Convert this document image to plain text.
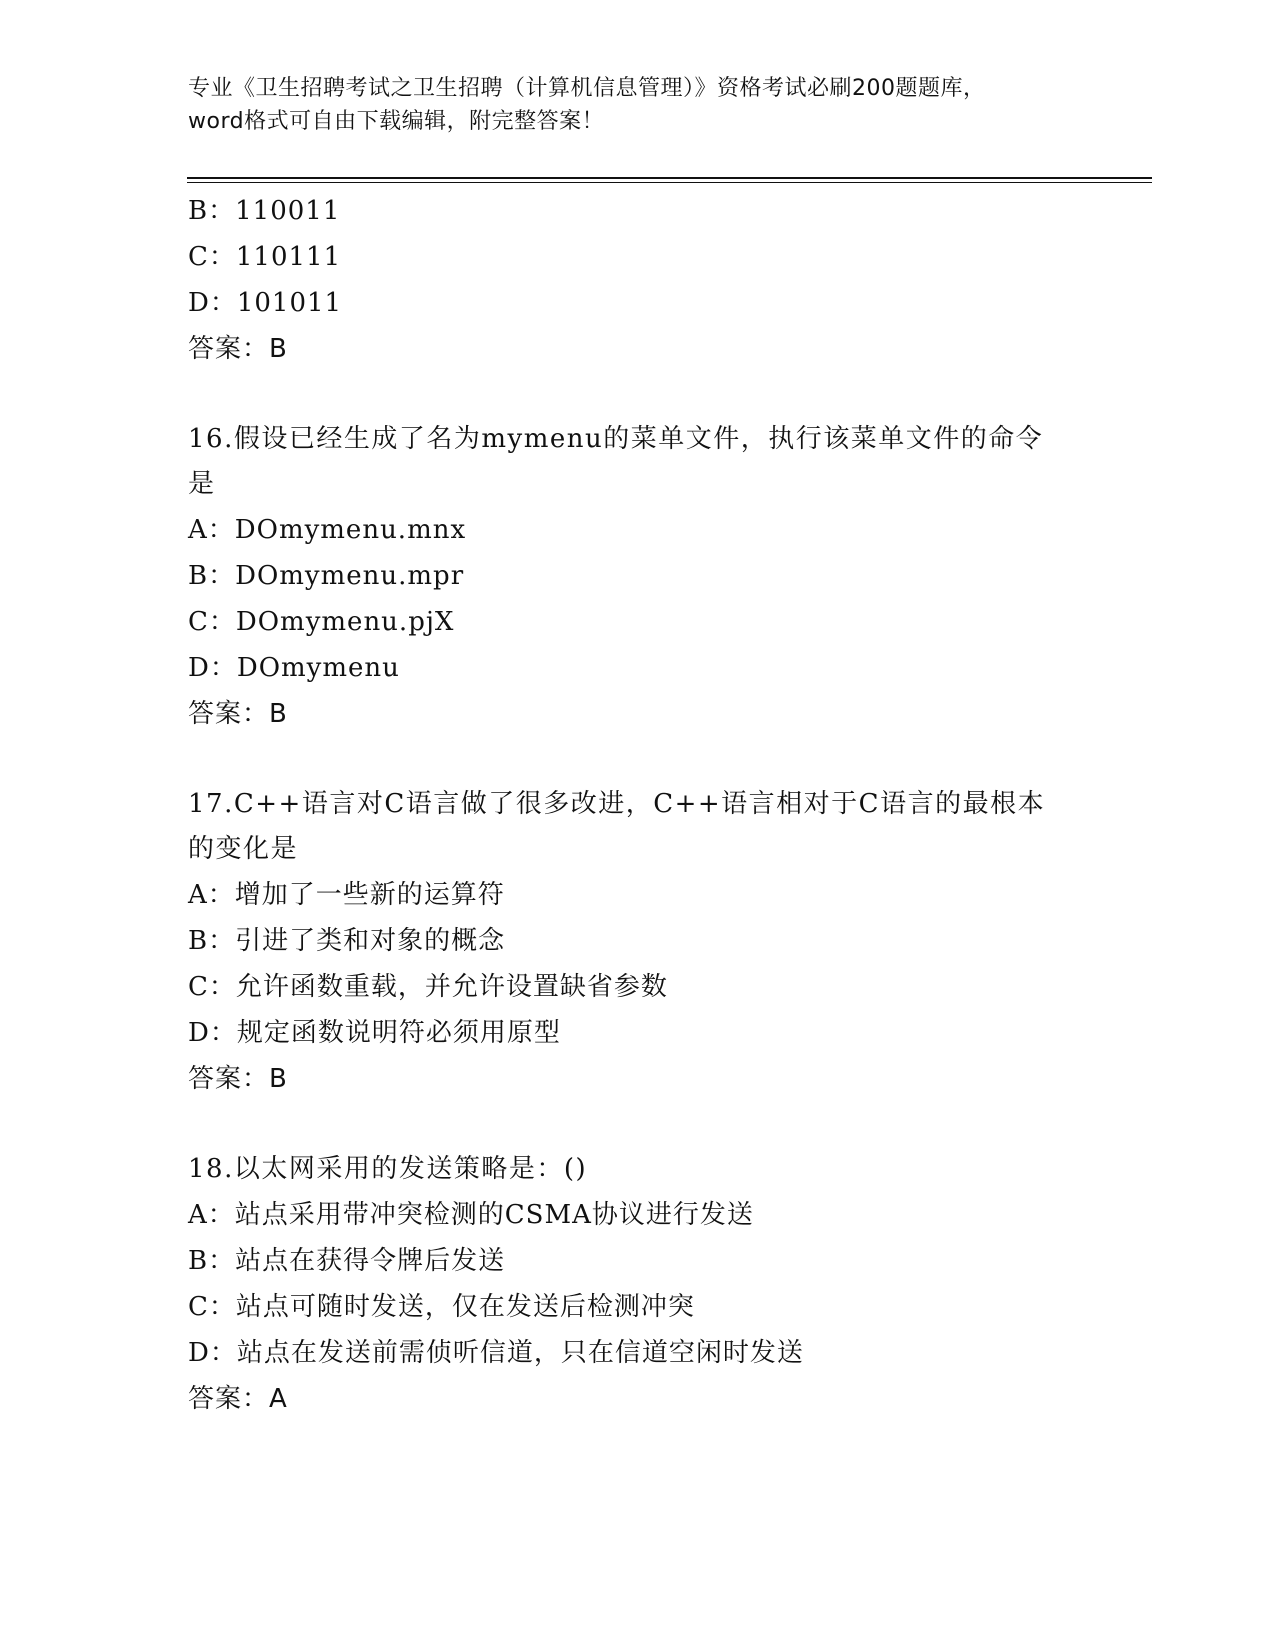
专业《卫生招聘考试之卫生招聘（计算机信息管理）》资格考试必刷200题题库，
word格式可自由下载编辑，附完整答案！
B：110011
C：110111
D：101011
答案：B
16.假设已经生成了名为mymenu的菜单文件，执行该菜单文件的命令是
A：DOmymenu.mnx
B：DOmymenu.mpr
C：DOmymenu.pjX
D：DOmymenu
答案：B
17.C++语言对C语言做了很多改进，C++语言相对于C语言的最根本的变化是
A：增加了一些新的运算符
B：引进了类和对象的概念
C：允许函数重载，并允许设置缺省参数
D：规定函数说明符必须用原型
答案：B
18.以太网采用的发送策略是：()
A：站点采用带冲突检测的CSMA协议进行发送
B：站点在获得令牌后发送
C：站点可随时发送，仅在发送后检测冲突
D：站点在发送前需侦听信道，只在信道空闲时发送
答案：A
